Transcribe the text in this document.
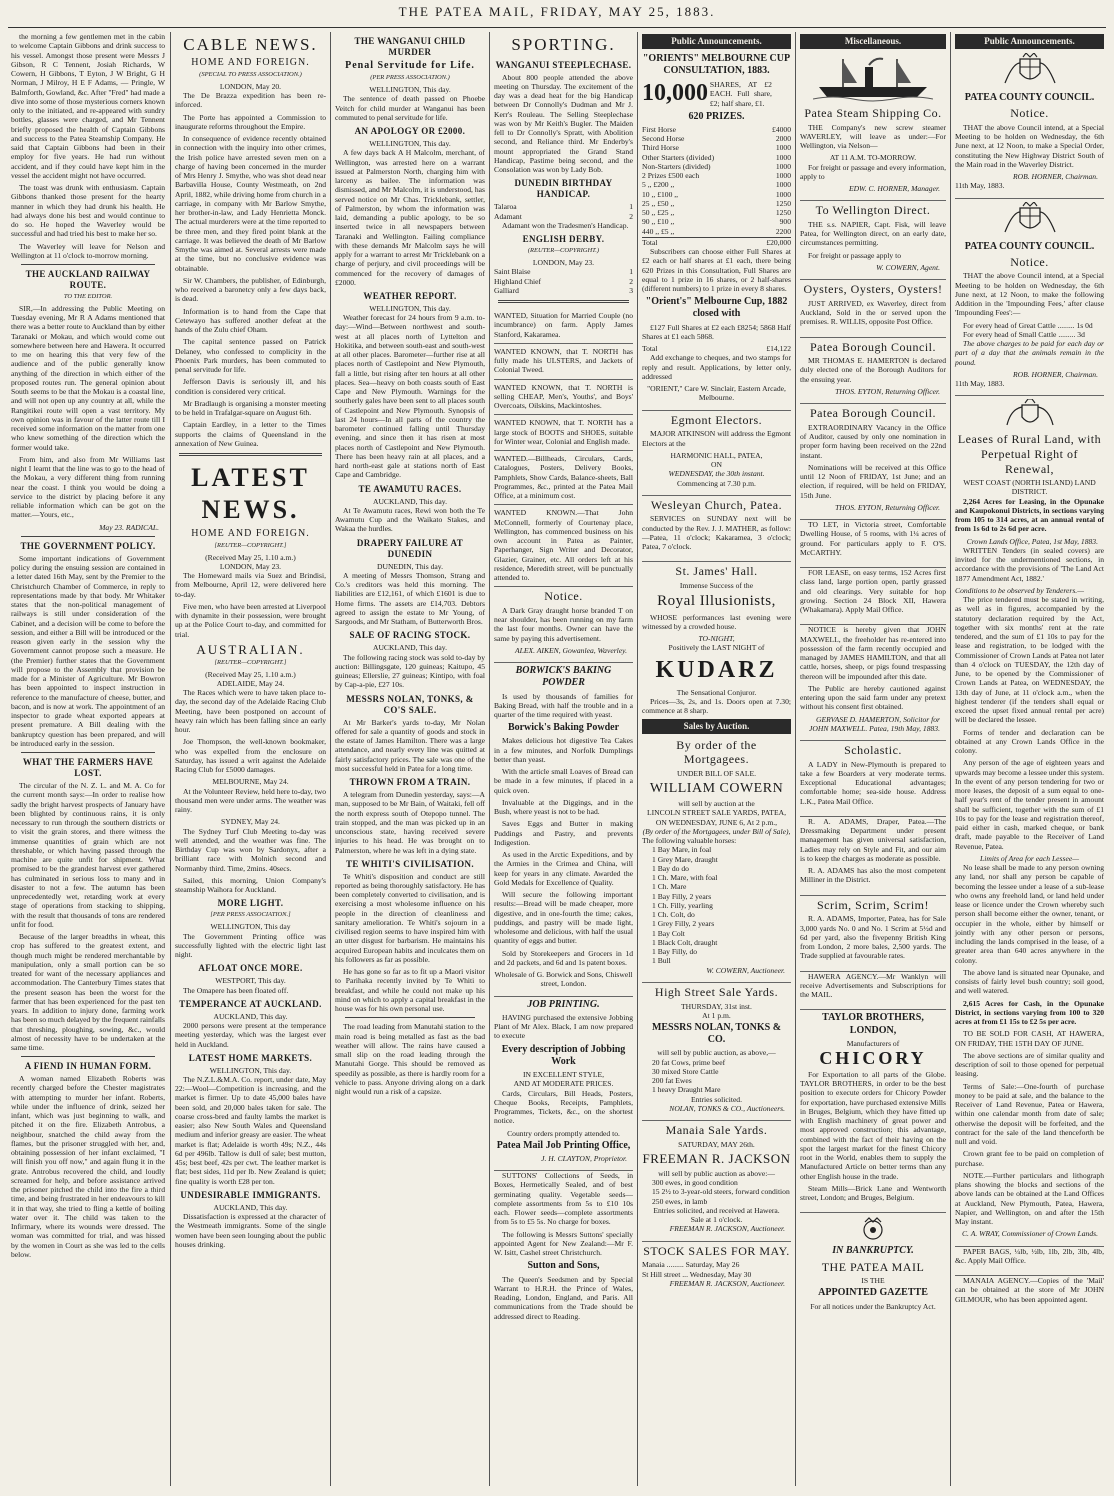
THE PATEA MAIL, FRIDAY, MAY 25, 1883.

the morning a few gentlemen met in the cabin to welcome Captain Gibbons and drink success to his vessel. Amongst those present were Messrs J Gibson, R C Tennent, Josiah Richards, W Cowern, H Gibbons, T Eyton, J W Bright, G H Norman, J Milroy, H E F Adams, — Pringle, W Balmforth, Gowland, &c. After "Fred" had made a dive into some of those mysterious corners known only to the initiated, and re-appeared with sundry bottles, glasses were charged, and Mr Tennent briefly proposed the health of Captain Gibbons and success to the Patea Steamship Company. He said that Captain Gibbons had been in their employ for five years. He had run without accident, and if they could have kept him in the vessel the accident might not have occurred.

The toast was drunk with enthusiasm. Captain Gibbons thanked those present for the hearty manner in which they had drunk his health. He had always done his best and would continue to do so. He hoped the Waverley would be successful and had tried his best to make her so.

The Waverley will leave for Nelson and Wellington at 11 o'clock to-morrow morning.

THE AUCKLAND RAILWAY ROUTE.
TO THE EDITOR.

SIR,—In addressing the Public Meeting on Tuesday evening, Mr R A Adams mentioned that there was a better route to Auckland than by either Taranaki or Mokau, and which would come out somewhere between here and Hawera. It occurred to me on hearing this that very few of the audience and of the public generally know anything of the direction in which either of the proposed routes run. The general opinion about South seems to be that the Mokau is a coastal line, and will not open up any country at all, while the Rangitikei route will open a vast territory. My own opinion was in favour of the latter route till I received some information on the matter from one who knew something of the direction which the former would take.

From him, and also from Mr Williams last night I learnt that the line was to go to the head of the Mokau, a very different thing from running near the coast. I think you would be doing a service to the district by placing before it any reliable information which can be got on the matter.—Yours, etc.,

May 23. RADICAL.
THE GOVERNMENT POLICY.

Some important indications of Government policy during the ensuing session are contained in a letter dated 16th May, sent by the Premier to the Christchurch Chamber of Commerce, in reply to representations made by that body. Mr Whitaker states that the non-political management of railways is still under consideration of the Cabinet, and a decision will be come to before the session, and either a Bill will be introduced or the reason given early in the session why the Government cannot propose such a measure. He (the Premier) further states that the Government will propose to the Assembly that provision be made for a Minister of Agriculture. Mr Bowron has been appointed to inspect instruction in reference to the manufacture of cheese, butter, and bacon, and is now at work. The appointment of an inspector to grade wheat exported appears at present premature. A Bill dealing with the bankruptcy question has been prepared, and will be introduced early in the session.

WHAT THE FARMERS HAVE LOST.

The circular of the N. Z. L. and M. A. Co for the current month says:—In order to realise how sadly the bright harvest prospects of January have been blighted by continuous rains, it is only necessary to run through the southern districts or to visit the grain stores, and there witness the immense quantities of grain which are not threshable, or which having passed through the machine are quite unfit for shipment. What promised to be the grandest harvest ever gathered has culminated in serious loss to many and in disaster to not a few. The autumn has been unprecedentedly wet, retarding work at every stage of operations from stacking to shipping, with the result that thousands of tons are rendered unfit for food.

Because of the larger breadths in wheat, this crop has suffered to the greatest extent, and though much might be rendered merchantable by manipulation, only a small portion can be so treated for want of the necessary appliances and accommodation. The Canterbury Times states that the present season has been the worst for the farmer that has been experienced for the past ten years. In addition to injury done, farming work has been so much delayed by the frequent rainfalls that threshing, ploughing, sowing, &c., would almost of necessity have to be undertaken at the same time.

A FIEND IN HUMAN FORM.

A woman named Elizabeth Roberts was recently charged before the Chester magistrates with attempting to murder her infant. Roberts, while under the influence of drink, seized her infant, which was just beginning to walk, and pitched it on the fire. Elizabeth Antrobus, a neighbour, snatched the child away from the flames, but the prisoner struggled with her, and, obtaining possession of her infant exclaimed, "I will finish you off now," and again flung it in the grate. Antrobus recovered the child, and loudly screamed for help, and before assistance arrived the prisoner pitched the child into the fire a third time, and being frustrated in her endeavours to kill it in that way, she tried to fling a kettle of boiling water over it. The child was taken to the Infirmary, where its wounds were dressed. The woman was committed for trial, and was hissed by the women in Court as she was led to the cells below.

CABLE NEWS.
HOME AND FOREIGN.
(SPECIAL TO PRESS ASSOCIATION.)
LONDON, May 20.

The De Brazza expedition has been re-inforced.

The Porte has appointed a Commission to inaugurate reforms throughout the Empire.

In consequence of evidence recently obtained in connection with the inquiry into other crimes, the Irish police have arrested seven men on a charge of having been concerned in the murder of Mrs Henry J. Smythe, who was shot dead near Barbavilla House, County Westmeath, on 2nd April, 1882, while driving home from church in a carriage, in company with Mr Barlow Smythe, her brother-in-law, and Lady Henrietta Monck. The actual murderers were at the time reported to be three men, and they fired point blank at the carriage. It was believed the death of Mr Barlow Smythe was aimed at. Several arrests were made at the time, but no conclusive evidence was obtainable.

Sir W. Chambers, the publisher, of Edinburgh, who received a baronetcy only a few days back, is dead.

Information is to hand from the Cape that Cetewayo has suffered another defeat at the hands of the Zulu chief Oham.

The capital sentence passed on Patrick Delaney, who confessed to complicity in the Phoenix Park murders, has been commuted to penal servitude for life.

Jefferson Davis is seriously ill, and his condition is considered very critical.

Mr Bradlaugh is organising a monster meeting to be held in Trafalgar-square on August 6th.

Captain Eardley, in a letter to the Times supports the claims of Queensland in the annexation of New Guinea.

LATEST NEWS.
HOME AND FOREIGN.
[REUTER—COPYRIGHT.]
(Received May 25, 1.10 a.m.)
LONDON, May 23.

The Homeward mails via Suez and Brindisi, from Melbourne, April 12, were delivered here to-day.

Five men, who have been arrested at Liverpool with dynamite in their possession, were brought up at the Police Court to-day, and committed for trial.

AUSTRALIAN.
[REUTER—COPYRIGHT.]
(Received May 25, 1.10 a.m.)
ADELAIDE, May 24.

The Races which were to have taken place to-day, the second day of the Adelaide Racing Club Meeting, have been postponed on account of heavy rain which has been falling since an early hour.

Joe Thompson, the well-known bookmaker, who was expelled from the enclosure on Saturday, has issued a writ against the Adelaide Racing Club for £5000 damages.

MELBOURNE, May 24.

At the Volunteer Review, held here to-day, two thousand men were under arms. The weather was rainy.

SYDNEY, May 24.

The Sydney Turf Club Meeting to-day was well attended, and the weather was fine. The Birthday Cup was won by Sardonyx, after a brilliant race with Molnich second and Normanby third. Time, 2mins. 40secs.

Sailed, this morning, Union Company's steamship Waihora for Auckland.

MORE LIGHT.
[PER PRESS ASSOCIATION.]
WELLINGTON, This day

The Government Printing office was successfully lighted with the electric light last night.

AFLOAT ONCE MORE.
WESTPORT, This day.

The Omapere has been floated off.

TEMPERANCE AT AUCKLAND.
AUCKLAND, This day.

2000 persons were present at the temperance meeting yesterday, which was the largest ever held in Auckland.

LATEST HOME MARKETS.
WELLINGTON, This day.

The N.Z.L.&M.A. Co. report, under date, May 22:—Wool—Competition is increasing, and the market is firmer. Up to date 45,000 bales have been sold, and 20,000 bales taken for sale. The coarse cross-bred and faulty lambs the market is easier; also New South Wales and Queensland medium and inferior greasy are easier. The wheat market is flat; Adelaide is worth 49s; N.Z., 44s 6d per 496lb. Tallow is dull of sale; best mutton, 45s; best beef, 42s per cwt. The leather market is flat; best sides, 11d per lb. New Zealand is quiet; fine quality is worth £28 per ton.

UNDESIRABLE IMMIGRANTS.
AUCKLAND, This day.

Dissatisfaction is expressed at the character of the Westmeath immigrants. Some of the single women have been seen lounging about the public houses drinking.

THE WANGANUI CHILD MURDER
Penal Servitude for Life.
(PER PRESS ASSOCIATION.)
WELLINGTON, This day.

The sentence of death passed on Phoebe Veitch for child murder at Wanganui has been commuted to penal servitude for life.

AN APOLOGY OR £2000.
WELLINGTON, This day.

A few days back A H Malcolm, merchant, of Wellington, was arrested here on a warrant issued at Palmerston North, charging him with larceny as bailee. The information was dismissed, and Mr Malcolm, it is understood, has served notice on Mr Chas. Tricklebank, settler, of Palmerston, by whom the information was laid, demanding a public apology, to be so inserted twice in all newspapers between Taranaki and Wellington. Failing compliance with these demands Mr Malcolm says he will apply for a warrant to arrest Mr Tricklebank on a charge of perjury, and civil proceedings will be commenced for the recovery of damages of £2000.

WEATHER REPORT.
WELLINGTON, This day.

Weather forecast for 24 hours from 9 a.m. to-day:—Wind—Between northwest and south-west at all places north of Lyttelton and Hokitika, and between south-east and south-west at all other places. Barometer—further rise at all places north of Castlepoint and New Plymouth, fall a little, but rising after ten hours at all other places. Sea—heavy on both coasts south of East Cape and New Plymouth. Warnings for the southerly gales have been sent to all places south of Castlepoint and New Plymouth. Synopsis of last 24 hours—In all parts of the country the barometer continued falling until Thursday evening, and since then it has risen at most places north of Castlepoint and New Plymouth. There has been heavy rain at all places, and a hard north-east gale at stations north of East Cape and Cambridge.

TE AWAMUTU RACES.
AUCKLAND, This day.

At Te Awamutu races, Rewi won both the Te Awamutu Cup and the Waikato Stakes, and Wakaa the hurdles.

DRAPERY FAILURE AT DUNEDIN
DUNEDIN, This day.

A meeting of Messrs Thomson, Strang and Co.'s creditors was held this morning. The liabilities are £12,161, of which £1601 is due to Home firms. The assets are £14,703. Debtors agreed to assign the estate to Mr Young, of Sargoods, and Mr Statham, of Butterworth Bros.

SALE OF RACING STOCK.
AUCKLAND, This day.

The following racing stock was sold to-day by auction: Billingsgate, 120 guineas; Kaitupo, 45 guineas; Ellerslie, 27 guineas; Kintipo, with foal by Cap-a-pie, £27 10s.

MESSRS NOLAN, TONKS, & CO'S SALE.

At Mr Barker's yards to-day, Mr Nolan offered for sale a quantity of goods and stock in the estate of James Hamilton. There was a large attendance, and nearly every line was quitted at fairly satisfactory prices. The sale was one of the most successful held in Patea for a long time.

THROWN FROM A TRAIN.

A telegram from Dunedin yesterday, says:—A man, supposed to be Mr Bain, of Waitaki, fell off the north express south of Otepopo tunnel. The train stopped, and the man was picked up in an unconscious state, having received severe injuries to his head. He was brought on to Palmerston, where he was left in a dying state.

TE WHITI'S CIVILISATION.

Te Whiti's disposition and conduct are still reported as being thoroughly satisfactory. He has been completely converted to civilisation, and is exercising a most wholesome influence on his people in the direction of cleanliness and sanitary amelioration. Te Whiti's sojourn in a civilised region seems to have inspired him with an utter disgust for barbarism. He maintains his acquired European habits and inculcates them on his followers as far as possible.

He has gone so far as to fit up a Maori visitor to Parihaka recently invited by Te Whiti to breakfast, and while he could not make up his mind on which to apply a capital breakfast in the house was for his own personal use.

The road leading from Manutahi station to the main road is being metalled as fast as the bad weather will allow. The rains have caused a small slip on the road leading through the Manutahi Gorge. This should be removed as speedily as possible, as there is hardly room for a vehicle to pass. Anyone driving along on a dark night would run a risk of a capsize.

SPORTING.
WANGANUI STEEPLECHASE.

About 800 people attended the above meeting on Thursday. The excitement of the day was a dead heat for the big Handicap between Dr Connolly's Dudman and Mr J. Kerr's Rouleau. The Selling Steeplechase was won by Mr Keith's Bugler. The Maiden fell to Dr Connolly's Spratt, with Abolition second, and Reliance third. Mr Enderby's mount appropriated the Grand Stand Handicap, Pastime being second, and the Consolation was won by Lady Bob.

DUNEDIN BIRTHDAY HANDICAP.
Talaroa	1
Adamant	2

Adamant won the Tradesmen's Handicap.

ENGLISH DERBY.
(REUTER—COPYRIGHT.)
LONDON, May 23.
Saint Blaise	1
Highland Chief	2
Galliard	3
WANTED, Situation for Married Couple (no incumbrance) on farm. Apply James Stanford, Kakaramea.
WANTED KNOWN, that T. NORTH has fully made his ULSTERS, and Jackets of Colonial Tweed.
WANTED KNOWN, that T. NORTH is selling CHEAP, Men's, Youths', and Boys' Overcoats, Oilskins, Mackintoshes.
WANTED KNOWN, that T. NORTH has a large stock of BOOTS and SHOES, suitable for Winter wear, Colonial and English made.
WANTED.—Billheads, Circulars, Cards, Catalogues, Posters, Delivery Books, Pamphlets, Show Cards, Balance-sheets, Ball Programmes, &c., printed at the Patea Mail Office, at a minimum cost.
WANTED KNOWN.—That John McConnell, formerly of Courtenay place, Wellington, has commenced business on his own account in Patea as Painter, Paperhanger, Sign Writer and Decorator, Glazier, Grainer, etc. All orders left at his residence, Meredith street, will be punctually attended to.
Notice.

A Dark Gray draught horse branded T on near shoulder, has been running on my farm the last four months. Owner can have the same by paying this advertisement.

ALEX. AIKEN, Gowanlea, Waverley.
BORWICK'S BAKING POWDER

Is used by thousands of families for Baking Bread, with half the trouble and in a quarter of the time required with yeast.

Borwick's Baking Powder

Makes delicious hot digestive Tea Cakes in a few minutes, and Norfolk Dumplings better than yeast.

With the article small Loaves of Bread can be made in a few minutes, if placed in a quick oven.

Invaluable at the Diggings, and in the Bush, where yeast is not to be had.

Saves Eggs and Butter in making Puddings and Pastry, and prevents Indigestion.

As used in the Arctic Expeditions, and by the Armies in the Crimea and China, will keep for years in any climate. Awarded the Gold Medals for Excellence of Quality.

Will secure the following important results:—Bread will be made cheaper, more digestive, and in one-fourth the time; cakes, puddings, and pastry will be made light, wholesome and delicious, with half the usual quantity of eggs and butter.

Sold by Storekeepers and Grocers in 1d and 2d packets, and 6d and 1s patent boxes.

Wholesale of G. Borwick and Sons, Chiswell street, London.
JOB PRINTING.

HAVING purchased the extensive Jobbing Plant of Mr Alex. Black, I am now prepared to execute

Every description of Jobbing Work
IN EXCELLENT STYLE,
AND AT MODERATE PRICES.

Cards, Circulars, Bill Heads, Posters, Cheque Books, Receipts, Pamphlets, Programmes, Tickets, &c., on the shortest notice.

Country orders promptly attended to.
Patea Mail Job Printing Office,
J. H. CLAYTON, Proprietor.

SUTTONS' Collections of Seeds, in Boxes, Hermetically Sealed, and of best germinating quality. Vegetable seeds—complete assortments from 5s to £10 10s each. Flower seeds—complete assortments from 5s to £5 5s. No charge for boxes.

The following is Messrs Suttons' specially appointed Agent for New Zealand:—Mr F. W. Isitt, Cashel street Christchurch.

Sutton and Sons,

The Queen's Seedsmen and by Special Warrant to H.R.H. the Prince of Wales, Reading, London, England, and Paris. All communications from the Trade should be addressed direct to Reading.

Public Announcements.
"ORIENTS" MELBOURNE CUP CONSULTATION, 1883.
10,000 SHARES, AT £2 EACH. Full share, £2; half share, £1.
620 PRIZES.
First Horse	£4000
Second Horse	2000
Third Horse	1000
Other Starters (divided)	1000
Non-Starters (divided)	1000
2 Prizes £500 each	1000
5 ,, £200 ,,	1000
10 ,, £100 ,,	1000
25 ,, £50 ,,	1250
50 ,, £25 ,,	1250
90 ,, £10 ,,	900
440 ,, £5 ,,	2200
Total	£20,000

Subscribers can choose either Full Shares at £2 each or half shares at £1 each, there being 620 Prizes in this Consultation, Full Shares are equal to 1 prize in 16 shares, or 2 half-shares (different numbers) to 1 prize in every 8 shares.

"Orient's" Melbourne Cup, 1882 closed with

£127 Full Shares at £2 each £8254; 5868 Half Shares at £1 each 5868.

Total	£14,122

Add exchange to cheques, and two stamps for reply and result. Applications, by letter only, addressed

"ORIENT," Care W. Sinclair, Eastern Arcade, Melbourne.
Egmont Electors.

MAJOR ATKINSON will address the Egmont Electors at the

HARMONIC HALL, PATEA,
ON
WEDNESDAY, the 30th instant.
Commencing at 7.30 p.m.
Wesleyan Church, Patea.

SERVICES on SUNDAY next will be conducted by the Rev. J. J. MATHER, as follow:—Patea, 11 o'clock; Kakaramea, 3 o'clock; Patea, 7 o'clock.

St. James' Hall.
Immense Success of the
Royal Illusionists,

WHOSE performances last evening were witnessed by a crowded house.

TO-NIGHT,
Positively the LAST NIGHT of
KUDARZ
The Sensational Conjuror.

Prices—3s, 2s, and 1s. Doors open at 7.30; commence at 8 sharp.

Sales by Auction.
By order of the Mortgagees.
UNDER BILL OF SALE.
WILLIAM COWERN
will sell by auction at the
LINCOLN STREET SALE YARDS, PATEA,
ON WEDNESDAY, JUNE 6, At 2 p.m.,
(By order of the Mortgagees, under Bill of Sale),
The following valuable horses:
1 Bay Mare, in foal
1 Grey Mare, draught
1 Bay do do
1 Ch. Mare, with foal
1 Ch. Mare
1 Bay Filly, 2 years
1 Ch. Filly, yearling
1 Ch. Colt, do
1 Grey Filly, 2 years
1 Bay Colt
1 Black Colt, draught
1 Bay Filly, do
1 Bull
W. COWERN, Auctioneer.
High Street Sale Yards.
THURSDAY, 31st inst.
At 1 p.m.
MESSRS NOLAN, TONKS & CO.
will sell by public auction, as above,—
20 fat Cows, prime beef
30 mixed Store Cattle
200 fat Ewes
1 heavy Draught Mare
Entries solicited.
NOLAN, TONKS & CO., Auctioneers.
Manaia Sale Yards.
SATURDAY, MAY 26th.
FREEMAN R. JACKSON
will sell by public auction as above:—
300 ewes, in good condition
15 2½ to 3-year-old steers, forward condition
250 ewes, in lamb
Entries solicited, and received at Hawera.
Sale at 1 o'clock.
FREEMAN R. JACKSON, Auctioneer.
STOCK SALES FOR MAY.
Manaia ......... Saturday, May 26
St Hill street ... Wednesday, May 30
FREEMAN R. JACKSON, Auctioneer.
Miscellaneous.
Patea Steam Shipping Co.

THE Company's new screw steamer WAVERLEY, will leave as under:—For Wellington, via Nelson—

AT 11 A.M. TO-MORROW.

For freight or passage and every information, apply to

EDW. C. HORNER, Manager.
To Wellington Direct.

THE s.s. NAPIER, Capt. Fisk, will leave Patea, for Wellington direct, on an early date, circumstances permitting.

For freight or passage apply to

W. COWERN, Agent.
Oysters, Oysters, Oysters!

JUST ARRIVED, ex Waverley, direct from Auckland, Sold in the or served upon the premises. R. WILLIS, opposite Post Office.

Patea Borough Council.

MR THOMAS E. HAMERTON is declared duly elected one of the Borough Auditors for the ensuing year.

THOS. EYTON, Returning Officer.
Patea Borough Council.

EXTRAORDINARY Vacancy in the Office of Auditor, caused by only one nomination in proper form having been received on the 22nd instant.

Nominations will be received at this Office until 12 Noon of FRIDAY, 1st June; and an election, if required, will be held on FRIDAY, 15th June.

THOS. EYTON, Returning Officer.

TO LET, in Victoria street, Comfortable Dwelling House, of 5 rooms, with 1¼ acres of ground. For particulars apply to F. O'S. McCARTHY.

FOR LEASE, on easy terms, 152 Acres first class land, large portion open, partly grassed and old clearings. Very suitable for hop growing. Section 24 Block XII, Hawera (Whakamara). Apply Mail Office.

NOTICE is hereby given that JOHN MAXWELL, the freeholder has re-entered into possession of the farm recently occupied and managed by JAMES HAMILTON, and that all cattle, horses, sheep, or pigs found trespassing thereon will be impounded after this date.

The Public are hereby cautioned against entering upon the said farm under any pretext without his consent first obtained.

GERVASE D. HAMERTON, Solicitor for JOHN MAXWELL. Patea, 19th May, 1883.
Scholastic.

A LADY in New-Plymouth is prepared to take a few Boarders at very moderate terms. Exceptional Educational advantages; comfortable home; sea-side house. Address L.K., Patea Mail Office.

R. A. ADAMS, Draper, Patea.—The Dressmaking Department under present management has given universal satisfaction, Ladies may rely on Style and Fit, and our aim is to keep the charges as moderate as possible.

R. A. ADAMS has also the most competent Milliner in the District.

Scrim, Scrim, Scrim!

R. A. ADAMS, Importer, Patea, has for Sale 3,000 yards No. 0 and No. 1 Scrim at 5½d and 6d per yard, also the fivepenny British King from London, 2 more bales, 2,500 yards. The Trade supplied at favourable rates.

HAWERA AGENCY.—Mr Wanklyn will receive Advertisements and Subscriptions for the MAIL.

TAYLOR BROTHERS, LONDON,
Manufacturers of
CHICORY

For Exportation to all parts of the Globe. TAYLOR BROTHERS, in order to be the best position to execute orders for Chicory Powder for exportation, have purchased extensive Mills in Bruges, Belgium, which they have fitted up with English machinery of great power and most approved construction; this advantage, combined with the fact of their having on the spot the largest market for the finest Chicory root in the World, enables them to supply the Manufactured Article on better terms than any other English house in the trade.

Steam Mills—Brick Lane and Wentworth street, London; and Bruges, Belgium.

IN BANKRUPTCY.
THE PATEA MAIL
IS THE
APPOINTED GAZETTE
For all notices under the Bankruptcy Act.
Public Announcements.
PATEA COUNTY COUNCIL.
Notice.

THAT the above Council intend, at a Special Meeting to be holden on Wednesday, the 6th June next, at 12 Noon, to make a Special Order, constituting the New Highway District South of the Main road in the Waverley District.

ROB. HORNER, Chairman.
11th May, 1883.
PATEA COUNTY COUNCIL.
Notice.

THAT the above Council intend, at a Special Meeting to be holden on Wednesday, the 6th June next, at 12 Noon, to make the following Addition in the 'Impounding Fees,' after clause 'Impounding Fees':—

For every head of Great Cattle ......... 1s 0d
For every head of Small Cattle ......... 3d

The above charges to be paid for each day or part of a day that the animals remain in the pound.

ROB. HORNER, Chairman.
11th May, 1883.
Leases of Rural Land, with Perpetual Right of Renewal,
WEST COAST (NORTH ISLAND) LAND DISTRICT.

2,264 Acres for Leasing, in the Opunake and Kaupokonui Districts, in sections varying from 105 to 314 acres, at an annual rental of from 1s 6d to 2s 6d per acre.

Crown Lands Office, Patea, 1st May, 1883.

WRITTEN Tenders (in sealed covers) are invited for the undermentioned sections, in accordance with the provisions of 'The Land Act 1877 Amendment Act, 1882.'

Conditions to be observed by Tenderers.—

The price tendered must be stated in writing, as well as in figures, accompanied by the statutory declaration required by the Act, together with six months' rent at the rate tendered, and the sum of £1 10s to pay for the lease and registration, to be lodged with the Commissioner of Crown Lands at Patea not later than 4 o'clock on TUESDAY, the 12th day of June, to be opened by the Commissioner of Crown Lands at Patea, on WEDNESDAY, the 13th day of June, at 11 o'clock a.m., when the highest tenderer (if the tenders shall equal or exceed the upset fixed annual rental per acre) will be declared the lessee.

Forms of tender and declaration can be obtained at any Crown Lands Office in the colony.

Any person of the age of eighteen years and upwards may become a lessee under this system. In the event of any person tendering for two or more leases, the deposit of a sum equal to one-half year's rent of the tender present in amount shall be sufficient, together with the sum of £1 10s to pay for the lease and registration thereof, paid either in cash, marked cheque, or bank draft, made payable to the Receiver of Land Revenue, Patea.

Limits of Area for each Lessee—

No lease shall be made to any person owning any land, nor shall any person be capable of becoming the lessee under a lease of a sub-lease who owns any freehold land, or land held under lease or licence under the Crown whereby such person shall become either the owner, tenant, or occupier in the whole, either by himself or jointly with any other person or persons, including the lands comprised in the lease, of a greater area than 640 acres anywhere in the colony.

The above land is situated near Opunake, and consists of fairly level bush country; soil good, and well watered.

2,615 Acres for Cash, in the Opunake District, in sections varying from 100 to 320 acres at from £1 15s to £2 5s per acre.

TO BE SOLD FOR CASH, AT HAWERA, ON FRIDAY, THE 15TH DAY OF JUNE.

The above sections are of similar quality and description of soil to those opened for perpetual leasing.

Terms of Sale:—One-fourth of purchase money to be paid at sale, and the balance to the Receiver of Land Revenue, Patea or Hawera, within one calendar month from date of sale; otherwise the deposit will be forfeited, and the contract for the sale of the land thenceforth be null and void.

Crown grant fee to be paid on completion of purchase.

NOTE.—Further particulars and lithograph plans showing the blocks and sections of the above lands can be obtained at the Land Offices at Auckland, New Plymouth, Patea, Hawera, Napier, and Wellington, on and after the 15th May instant.

C. A. WRAY, Commissioner of Crown Lands.

PAPER BAGS, ¼lb, ½lb, 1lb, 2lb, 3lb, 4lb, &c. Apply Mail Office.

MANAIA AGENCY.—Copies of the 'Mail' can be obtained at the store of Mr JOHN GILMOUR, who has been appointed agent.
